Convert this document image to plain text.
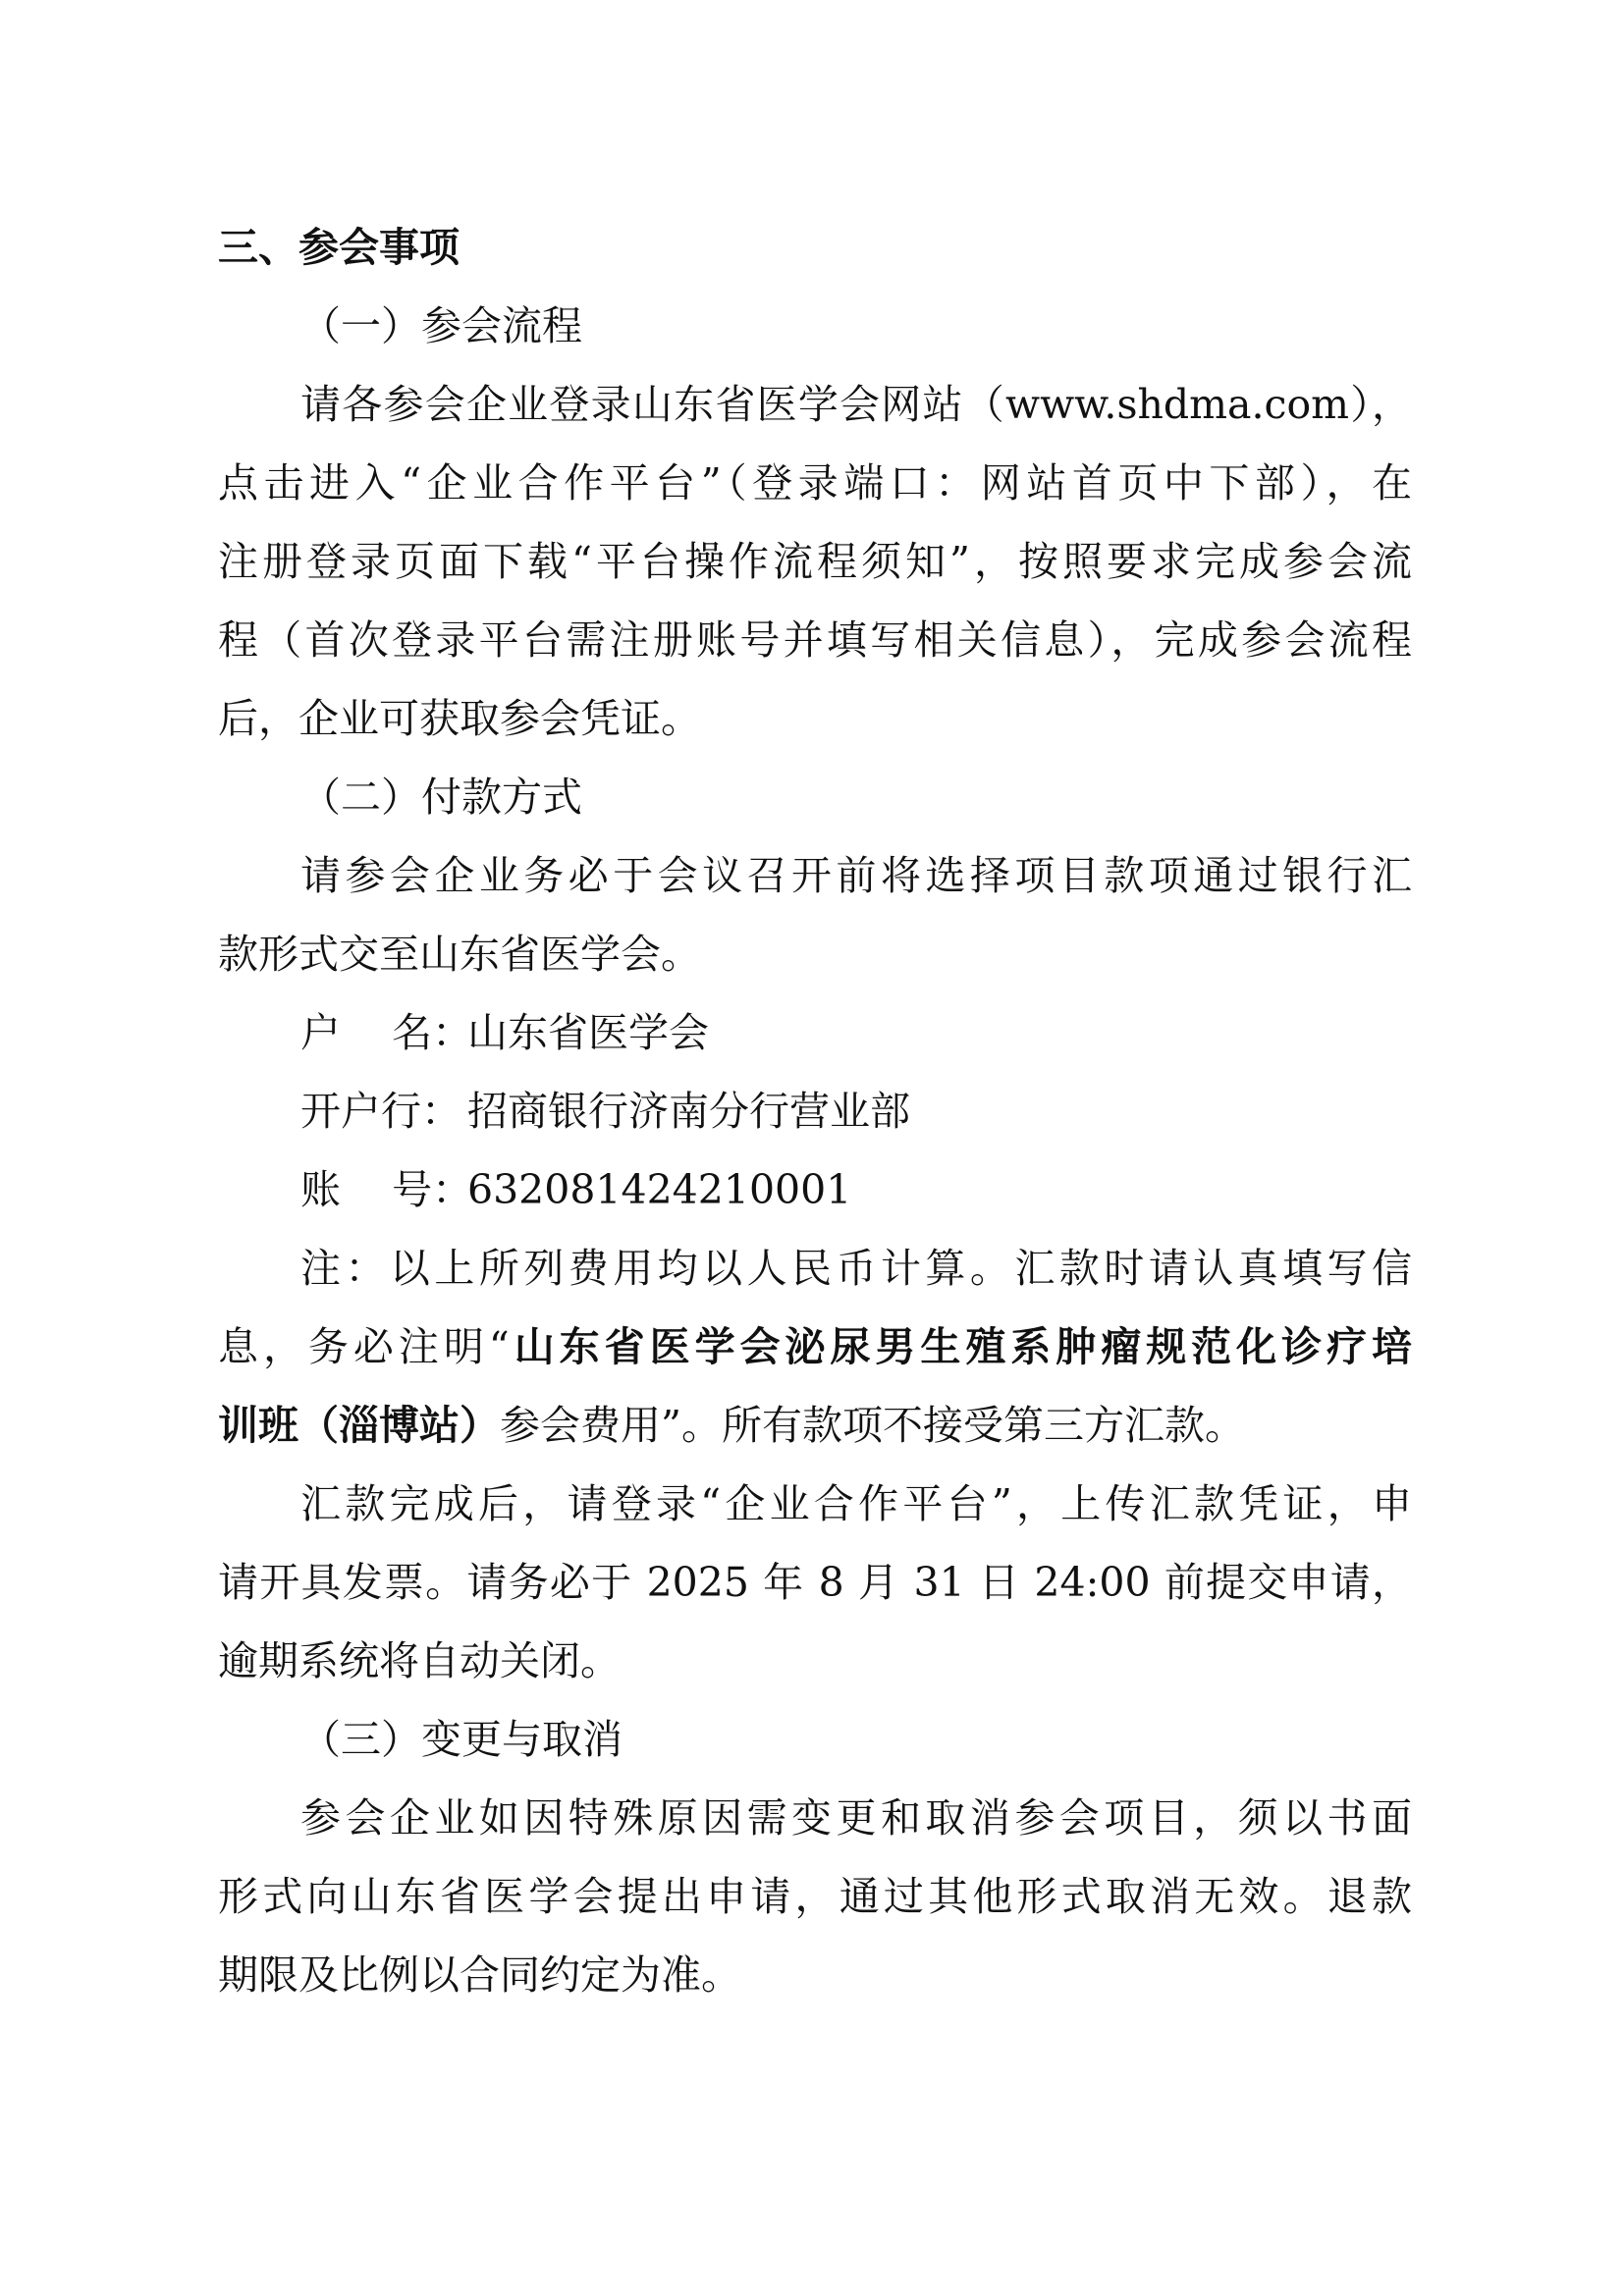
三、参会事项
（一）参会流程
请各参会企业登录山东省医学会网站（www.shdma.com），
点击进入“企业合作平台”（登录端口：网站首页中下部），在
注册登录页面下载“平台操作流程须知”，按照要求完成参会流
程（首次登录平台需注册账号并填写相关信息），完成参会流程
后，企业可获取参会凭证。
（二）付款方式
请参会企业务必于会议召开前将选择项目款项通过银行汇
款形式交至山东省医学会。
户    名：山东省医学会
开户行： 招商银行济南分行营业部
账    号：632081424210001
注：以上所列费用均以人民币计算。汇款时请认真填写信
息，务必注明“山东省医学会泌尿男生殖系肿瘤规范化诊疗培
训班（淄博站）参会费用”。所有款项不接受第三方汇款。
汇款完成后，请登录“企业合作平台”，上传汇款凭证，申
请开具发票。请务必于 2025 年 8 月 31 日 24:00 前提交申请，
逾期系统将自动关闭。
（三）变更与取消
参会企业如因特殊原因需变更和取消参会项目，须以书面
形式向山东省医学会提出申请，通过其他形式取消无效。退款
期限及比例以合同约定为准。
